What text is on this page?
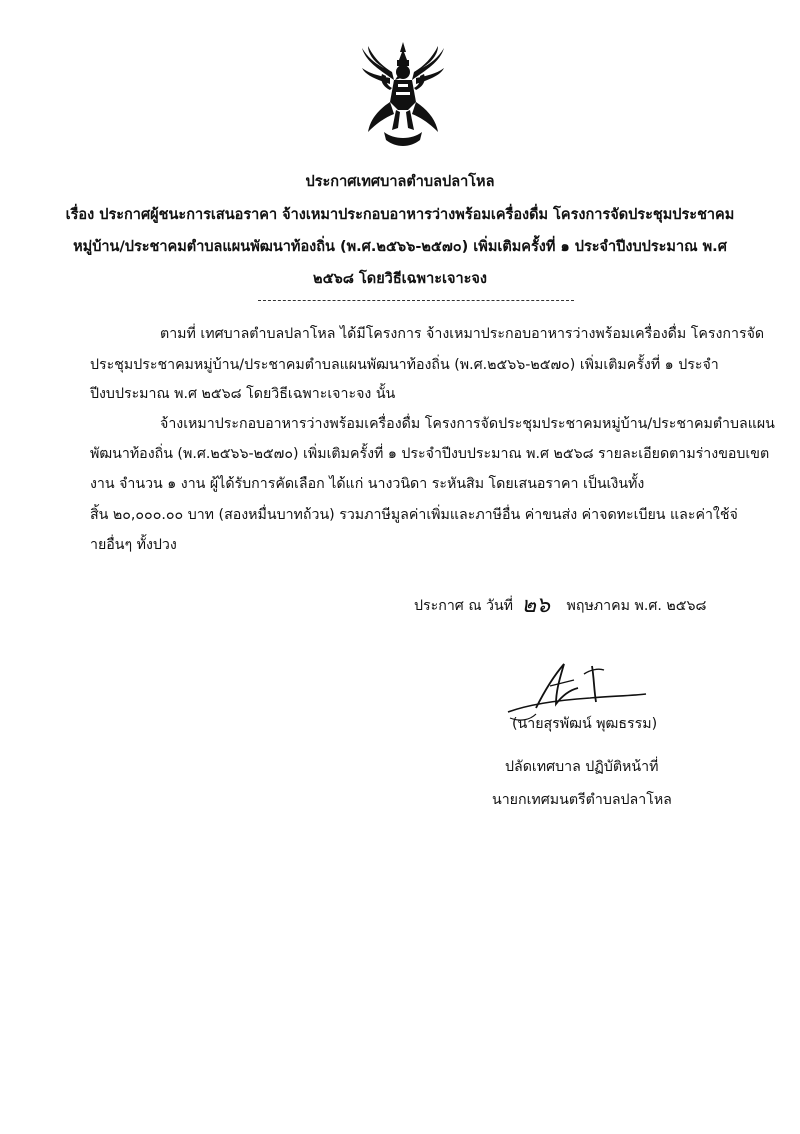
ประกาศเทศบาลตำบลปลาโหล
เรื่อง ประกาศผู้ชนะการเสนอราคา จ้างเหมาประกอบอาหารว่างพร้อมเครื่องดื่ม โครงการจัดประชุมประชาคม
หมู่บ้าน/ประชาคมตำบลแผนพัฒนาท้องถิ่น (พ.ศ.๒๕๖๖-๒๕๗๐) เพิ่มเติมครั้งที่ ๑ ประจำปีงบประมาณ พ.ศ
๒๕๖๘ โดยวิธีเฉพาะเจาะจง
ตามที่ เทศบาลตำบลปลาโหล ได้มีโครงการ จ้างเหมาประกอบอาหารว่างพร้อมเครื่องดื่ม โครงการจัด
ประชุมประชาคมหมู่บ้าน/ประชาคมตำบลแผนพัฒนาท้องถิ่น (พ.ศ.๒๕๖๖-๒๕๗๐) เพิ่มเติมครั้งที่ ๑ ประจำ
ปีงบประมาณ พ.ศ ๒๕๖๘ โดยวิธีเฉพาะเจาะจง นั้น
จ้างเหมาประกอบอาหารว่างพร้อมเครื่องดื่ม โครงการจัดประชุมประชาคมหมู่บ้าน/ประชาคมตำบลแผน
พัฒนาท้องถิ่น (พ.ศ.๒๕๖๖-๒๕๗๐) เพิ่มเติมครั้งที่ ๑ ประจำปีงบประมาณ พ.ศ ๒๕๖๘ รายละเอียดตามร่างขอบเขต
งาน จำนวน ๑ งาน ผู้ได้รับการคัดเลือก ได้แก่ นางวนิดา ระหันสิม โดยเสนอราคา เป็นเงินทั้ง
สิ้น ๒๐,๐๐๐.๐๐ บาท (สองหมื่นบาทถ้วน) รวมภาษีมูลค่าเพิ่มและภาษีอื่น ค่าขนส่ง ค่าจดทะเบียน และค่าใช้จ่
ายอื่นๆ ทั้งปวง
ประกาศ ณ วันที่ ๒๖ พฤษภาคม พ.ศ. ๒๕๖๘
(นายสุรพัฒน์ พุฒธรรม)
ปลัดเทศบาล ปฏิบัติหน้าที่
นายกเทศมนตรีตำบลปลาโหล
